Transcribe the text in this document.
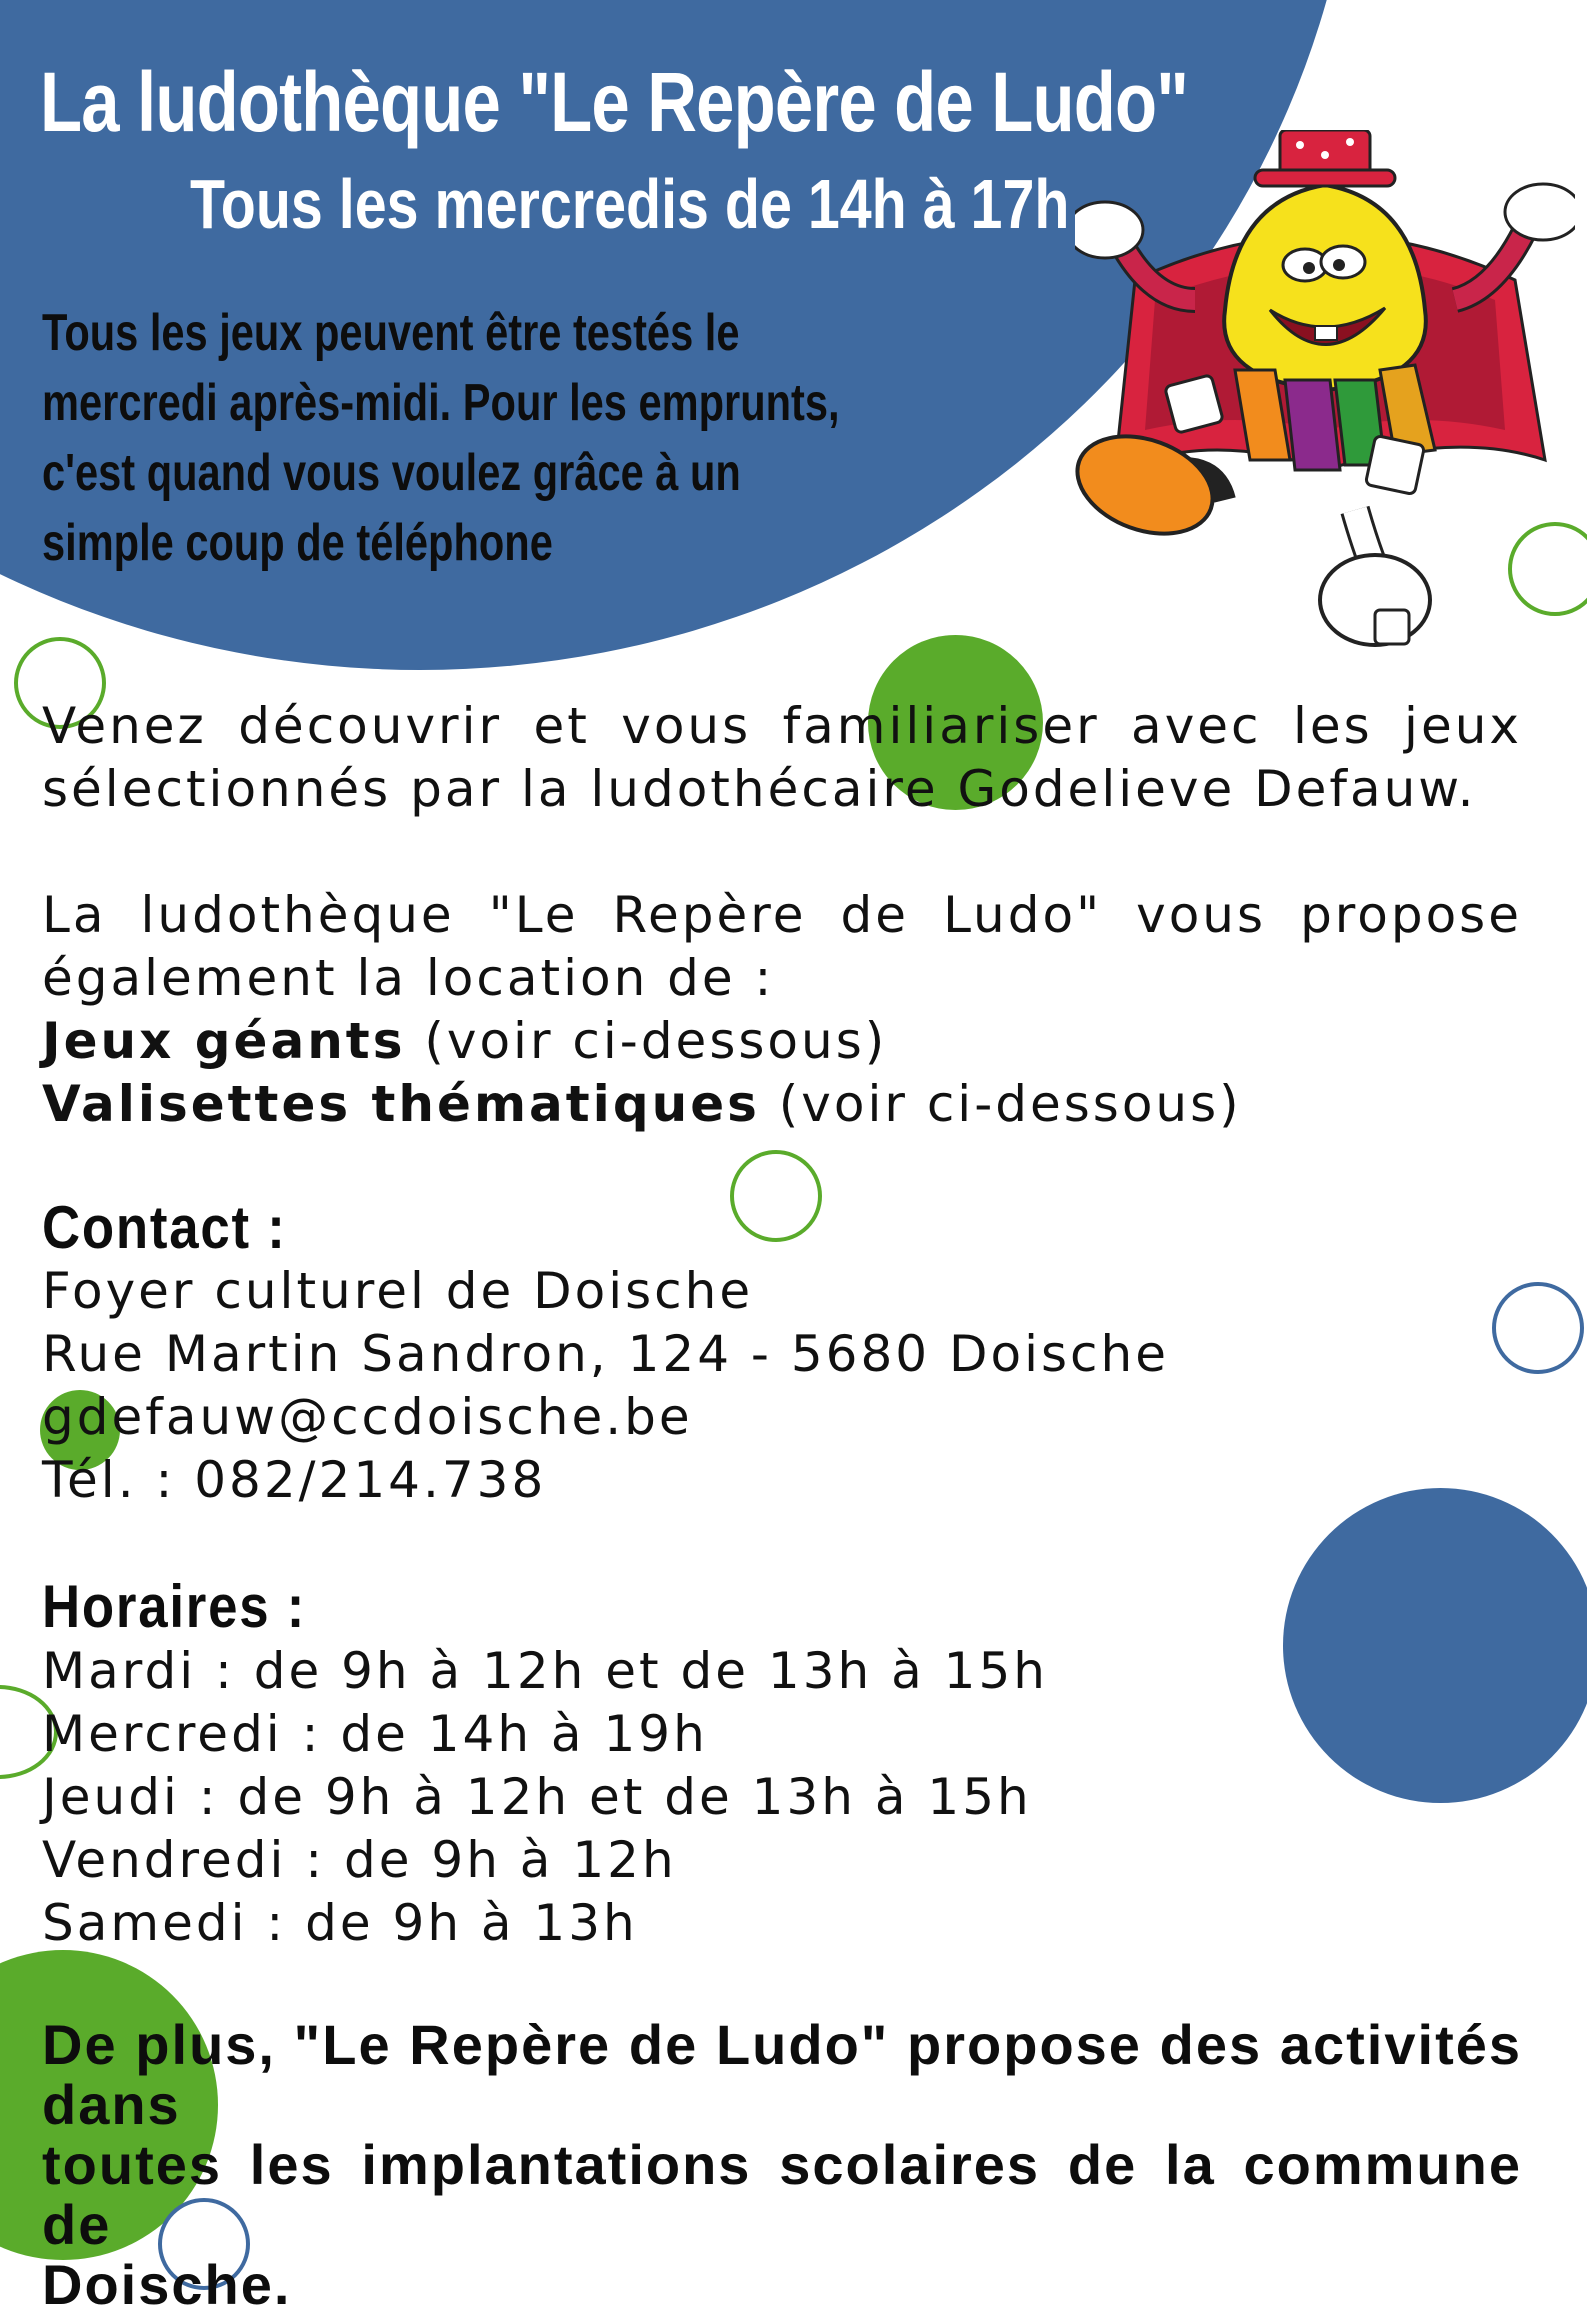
La ludothèque "Le Repère de Ludo"
Tous les mercredis de 14h à 17h
Tous les jeux peuvent être testés le
mercredi après-midi. Pour les emprunts,
c'est quand vous voulez grâce à un
simple coup de téléphone
Venez découvrir et vous familiariser avec les jeux
sélectionnés par la ludothécaire Godelieve Defauw.
La ludothèque "Le Repère de Ludo" vous propose
également la location de :
Jeux géants (voir ci-dessous)
Valisettes thématiques (voir ci-dessous)
Contact :
Foyer culturel de Doische
Rue Martin Sandron, 124 - 5680 Doische
gdefauw@ccdoische.be
Tél. : 082/214.738
Horaires :
Mardi : de 9h à 12h et de 13h à 15h
Mercredi : de 14h à 19h
Jeudi : de 9h à 12h et de 13h à 15h
Vendredi : de 9h à 12h
Samedi : de 9h à 13h
De plus, "Le Repère de Ludo" propose des activités dans
toutes les implantations scolaires de la commune de
Doische.
